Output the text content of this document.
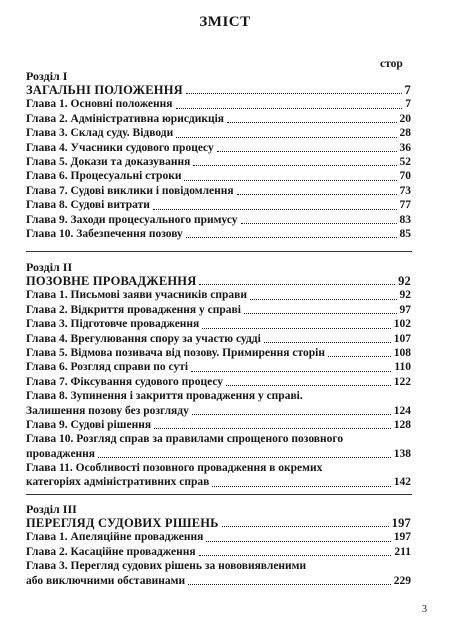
ЗМІСТ
стор
Розділ І
ЗАГАЛЬНІ ПОЛОЖЕННЯ	7
Глава 1. Основні положення	7
Глава 2. Адміністративна юрисдикція	20
Глава 3. Склад суду. Відводи	28
Глава 4. Учасники судового процесу	36
Глава 5. Докази та доказування	52
Глава 6. Процесуальні строки	70
Глава 7. Судові виклики і повідомлення	73
Глава 8. Судові витрати	77
Глава 9. Заходи процесуального примусу	83
Глава 10. Забезпечення позову	85
Розділ ІІ
ПОЗОВНЕ ПРОВАДЖЕННЯ	92
Глава 1. Письмові заяви учасників справи	92
Глава 2. Відкриття провадження у справі	97
Глава 3. Підготовче провадження	102
Глава 4. Врегулювання спору за участю судді	107
Глава 5. Відмова позивача від позову. Примирення сторін	108
Глава 6. Розгляд справи по суті	110
Глава 7. Фіксування судового процесу	122
Глава 8. Зупинення і закриття провадження у справі.
Залишення позову без розгляду	124
Глава 9. Судові рішення	128
Глава 10. Розгляд справ за правилами спрощеного позовного
провадження	138
Глава 11. Особливості позовного провадження в окремих
категоріях адміністративних справ	142
Розділ ІІІ
ПЕРЕГЛЯД СУДОВИХ РІШЕНЬ	197
Глава 1. Апеляційне провадження	197
Глава 2. Касаційне провадження	211
Глава 3. Перегляд судових рішень за нововиявленими
або виключними обставинами	229
3
